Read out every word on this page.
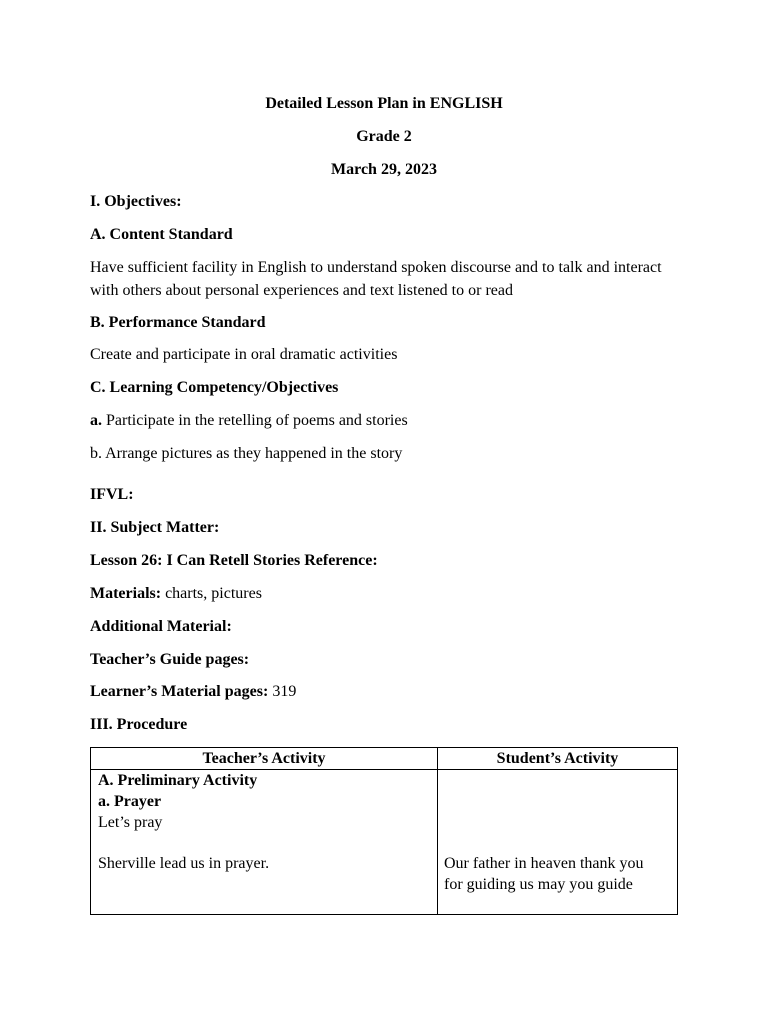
Detailed Lesson Plan in ENGLISH
Grade 2
March 29, 2023
I. Objectives:
A. Content Standard
Have sufficient facility in English to understand spoken discourse and to talk and interact with others about personal experiences and text listened to or read
B. Performance Standard
Create and participate in oral dramatic activities
C. Learning Competency/Objectives
a. Participate in the retelling of poems and stories
b. Arrange pictures as they happened in the story
IFVL:
II. Subject Matter:
Lesson 26: I Can Retell Stories Reference:
Materials: charts, pictures
Additional Material:
Teacher’s Guide pages:
Learner’s Material pages: 319
III. Procedure
Teacher’s Activity	Student’s Activity
A. Preliminary Activity
a. Prayer
Let’s pray
Sherville lead us in prayer.	Our father in heaven thank you
for guiding us may you guide
